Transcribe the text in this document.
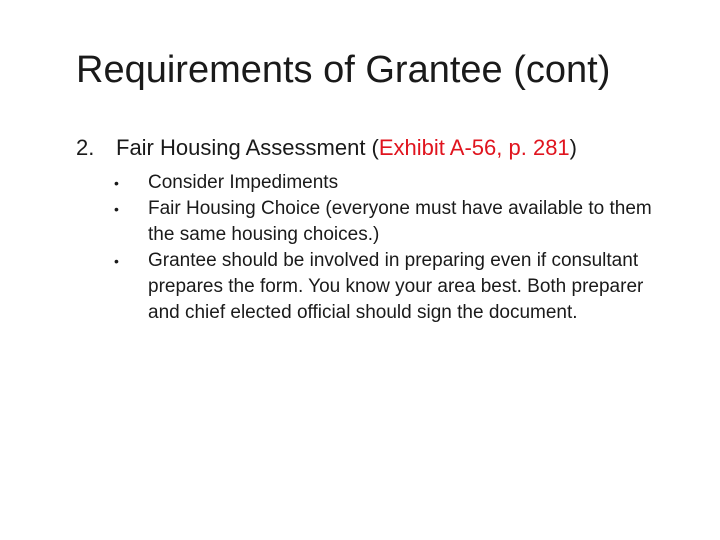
Requirements of Grantee (cont)
2. Fair Housing Assessment (Exhibit A-56, p. 281)
• Consider Impediments
• Fair Housing Choice (everyone must have available to them the same housing choices.)
• Grantee should be involved in preparing even if consultant prepares the form. You know your area best. Both preparer and chief elected official should sign the document.
